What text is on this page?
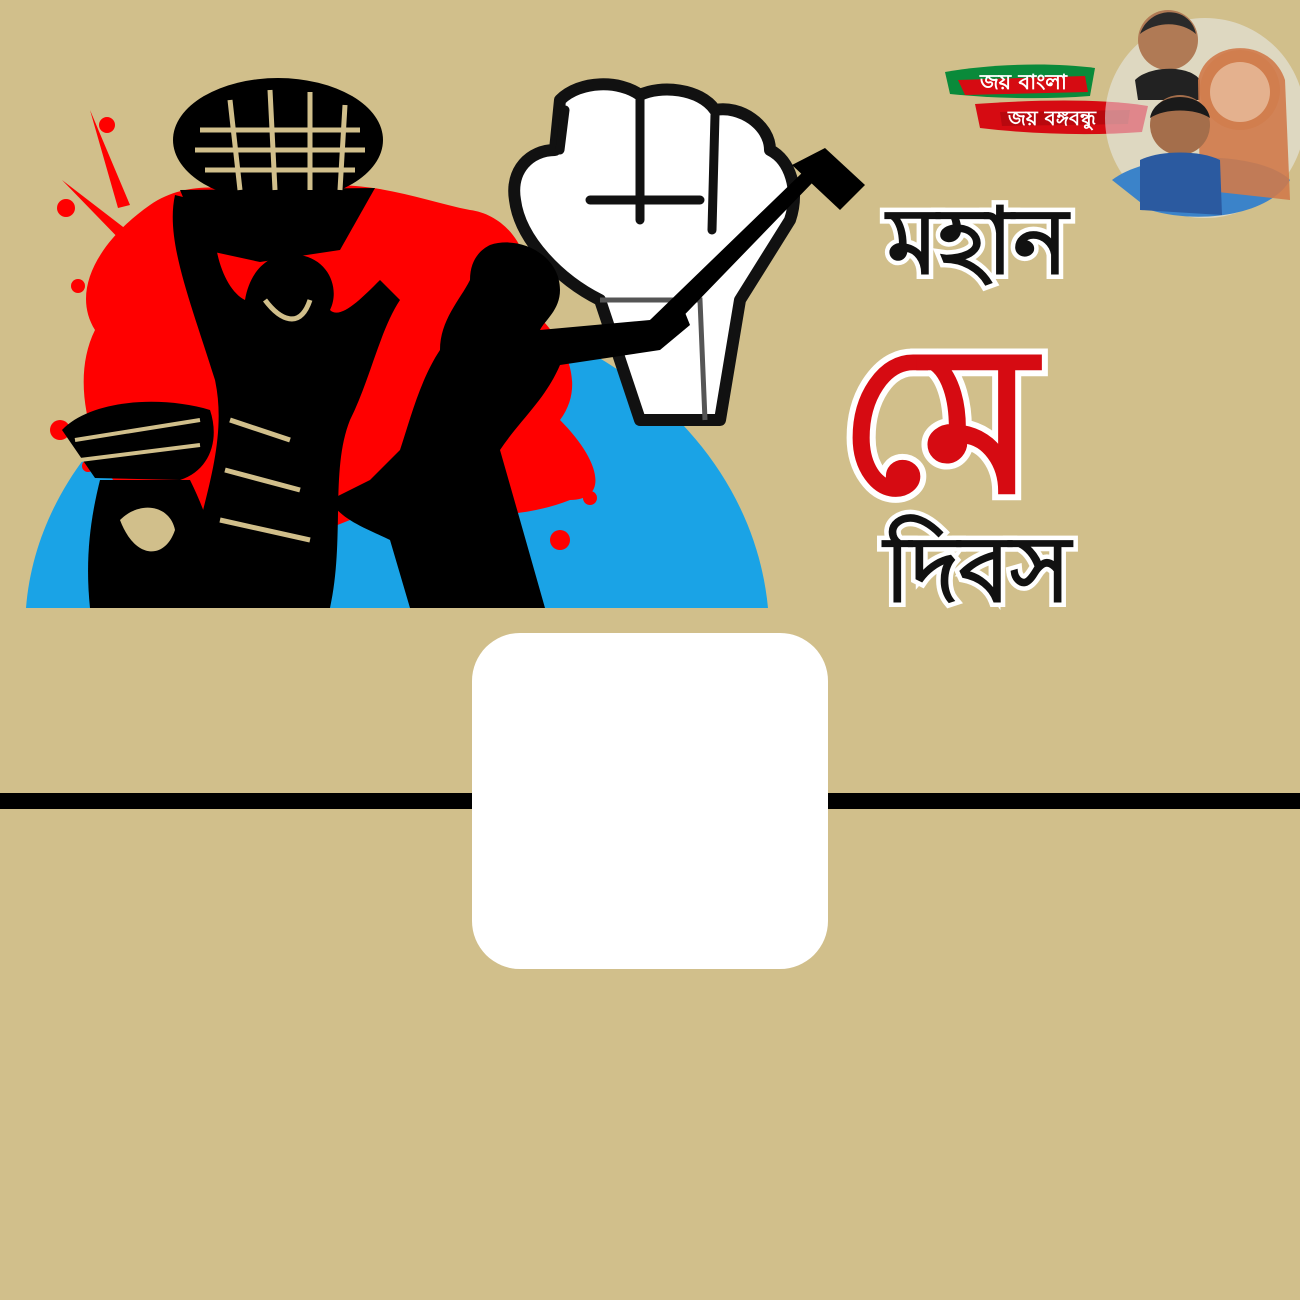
মহান
মে
দিবস
জয় বাংলা
জয় বঙ্গবন্ধু
